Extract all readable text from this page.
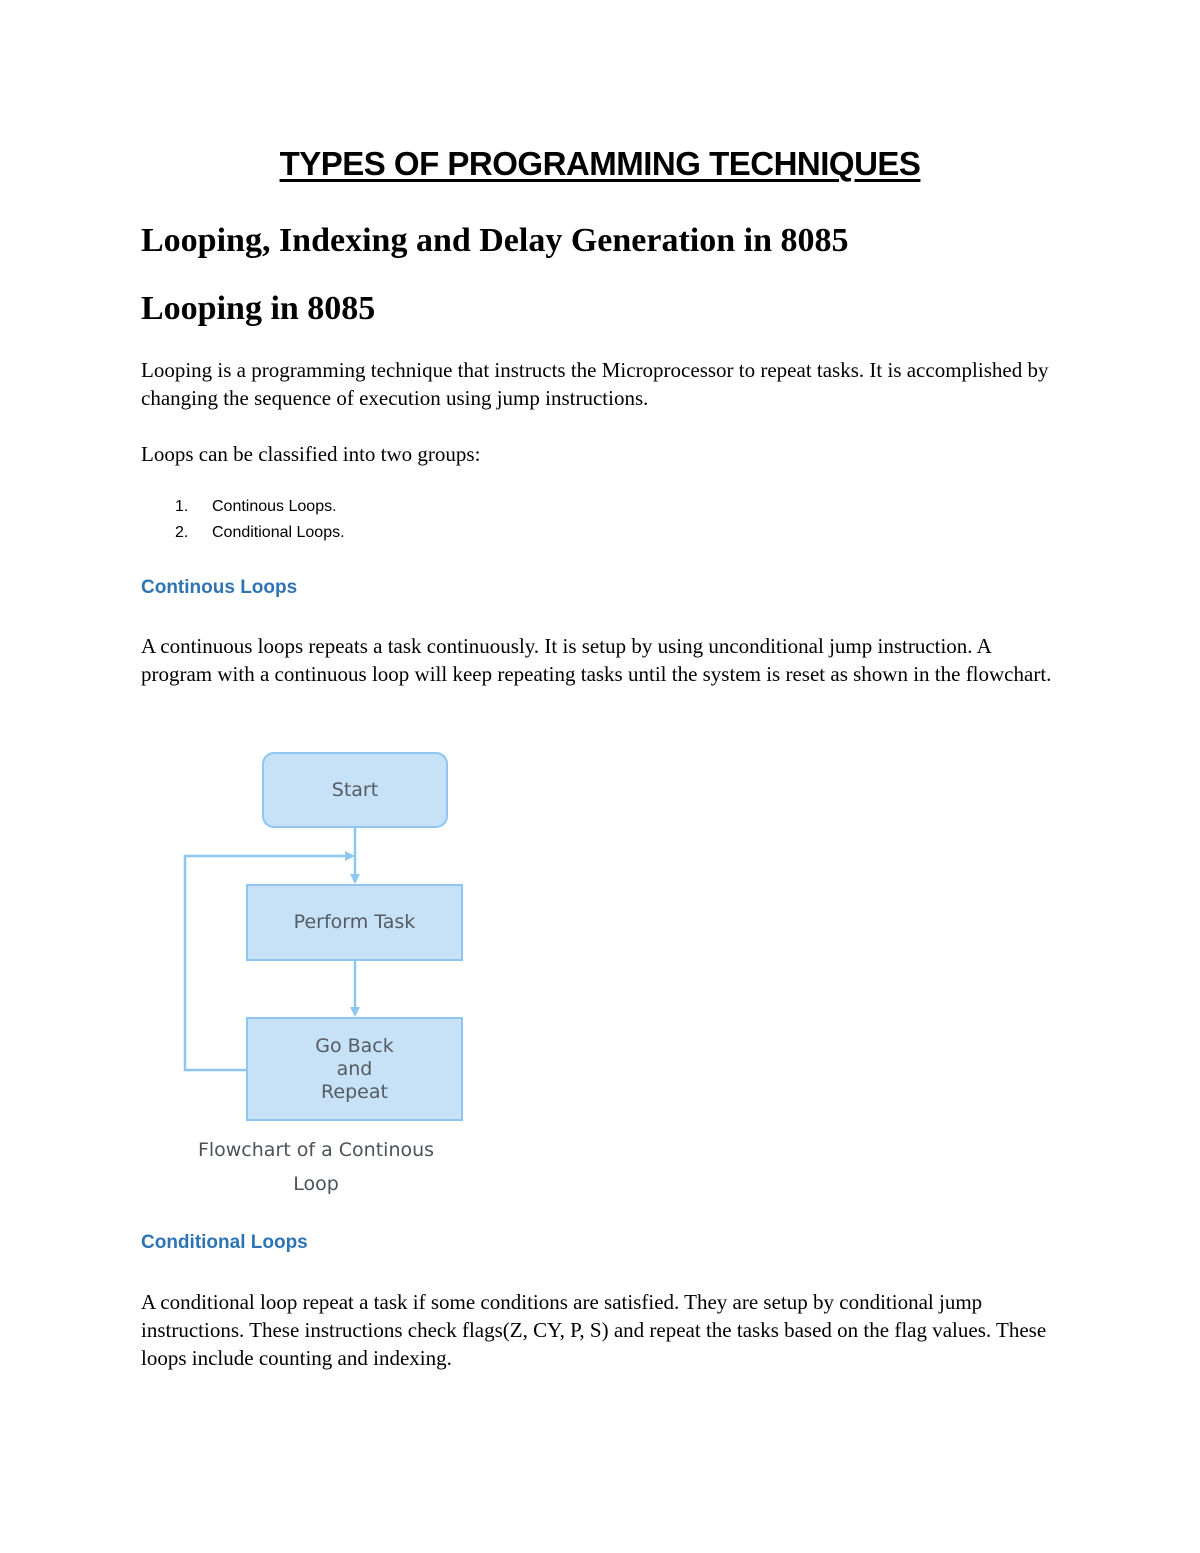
TYPES OF PROGRAMMING TECHNIQUES
Looping, Indexing and Delay Generation in 8085
Looping in 8085

Looping is a programming technique that instructs the Microprocessor to repeat tasks. It is accomplished by changing the sequence of execution using jump instructions.

Loops can be classified into two groups:

1.	Continous Loops.
2.	Conditional Loops.
Continous Loops

A continuous loops repeats a task continuously. It is setup by using unconditional jump instruction. A program with a continuous loop will keep repeating tasks until the system is reset as shown in the flowchart.

Start
Perform Task
Go Back
and
Repeat
Flowchart of a Continous
Loop
Conditional Loops

A conditional loop repeat a task if some conditions are satisfied. They are setup by conditional jump instructions. These instructions check flags(Z, CY, P, S) and repeat the tasks based on the flag values. These loops include counting and indexing.
